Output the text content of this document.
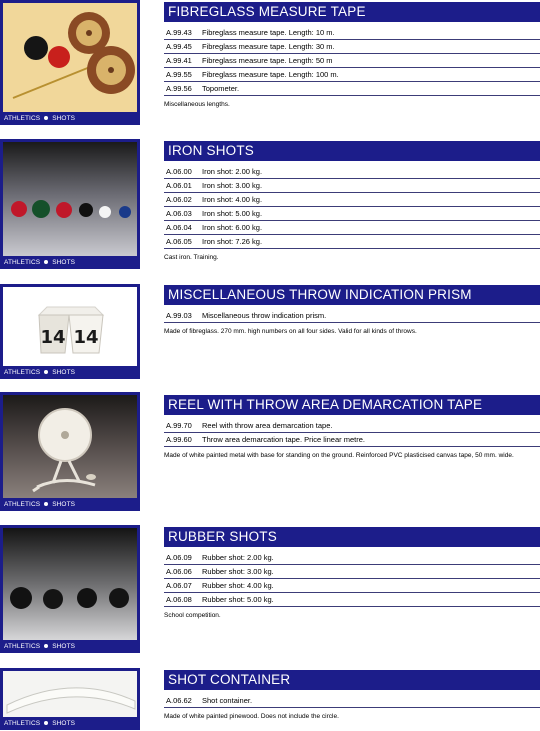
ATHLETICS SHOTS
FIBREGLASS MEASURE TAPE
A.99.43 Fibreglass measure tape. Length: 10 m.
A.99.45 Fibreglass measure tape. Length: 30 m.
A.99.41 Fibreglass measure tape. Length: 50 m
A.99.55 Fibreglass measure tape. Length: 100 m.
A.99.56 Topometer.
Miscellaneous lengths.
ATHLETICS SHOTS
IRON SHOTS
A.06.00 Iron shot: 2.00 kg.
A.06.01 Iron shot: 3.00 kg.
A.06.02 Iron shot: 4.00 kg.
A.06.03 Iron shot: 5.00 kg.
A.06.04 Iron shot: 6.00 kg.
A.06.05 Iron shot: 7.26 kg.
Cast iron. Training.
14 14
ATHLETICS SHOTS
MISCELLANEOUS THROW INDICATION PRISM
A.99.03 Miscellaneous throw indication prism.
Made of fibreglass. 270 mm. high numbers on all four sides. Valid for all kinds of throws.
ATHLETICS SHOTS
REEL WITH THROW AREA DEMARCATION TAPE
A.99.70 Reel with throw area demarcation tape.
A.99.60 Throw area demarcation tape. Price linear metre.
Made of white painted metal with base for standing on the ground. Reinforced PVC plasticised canvas tape, 50 mm. wide.
ATHLETICS SHOTS
RUBBER SHOTS
A.06.09 Rubber shot: 2.00 kg.
A.06.06 Rubber shot: 3.00 kg.
A.06.07 Rubber shot: 4.00 kg.
A.06.08 Rubber shot: 5.00 kg.
School competition.
ATHLETICS SHOTS
SHOT CONTAINER
A.06.62 Shot container.
Made of white painted pinewood. Does not include the circle.
